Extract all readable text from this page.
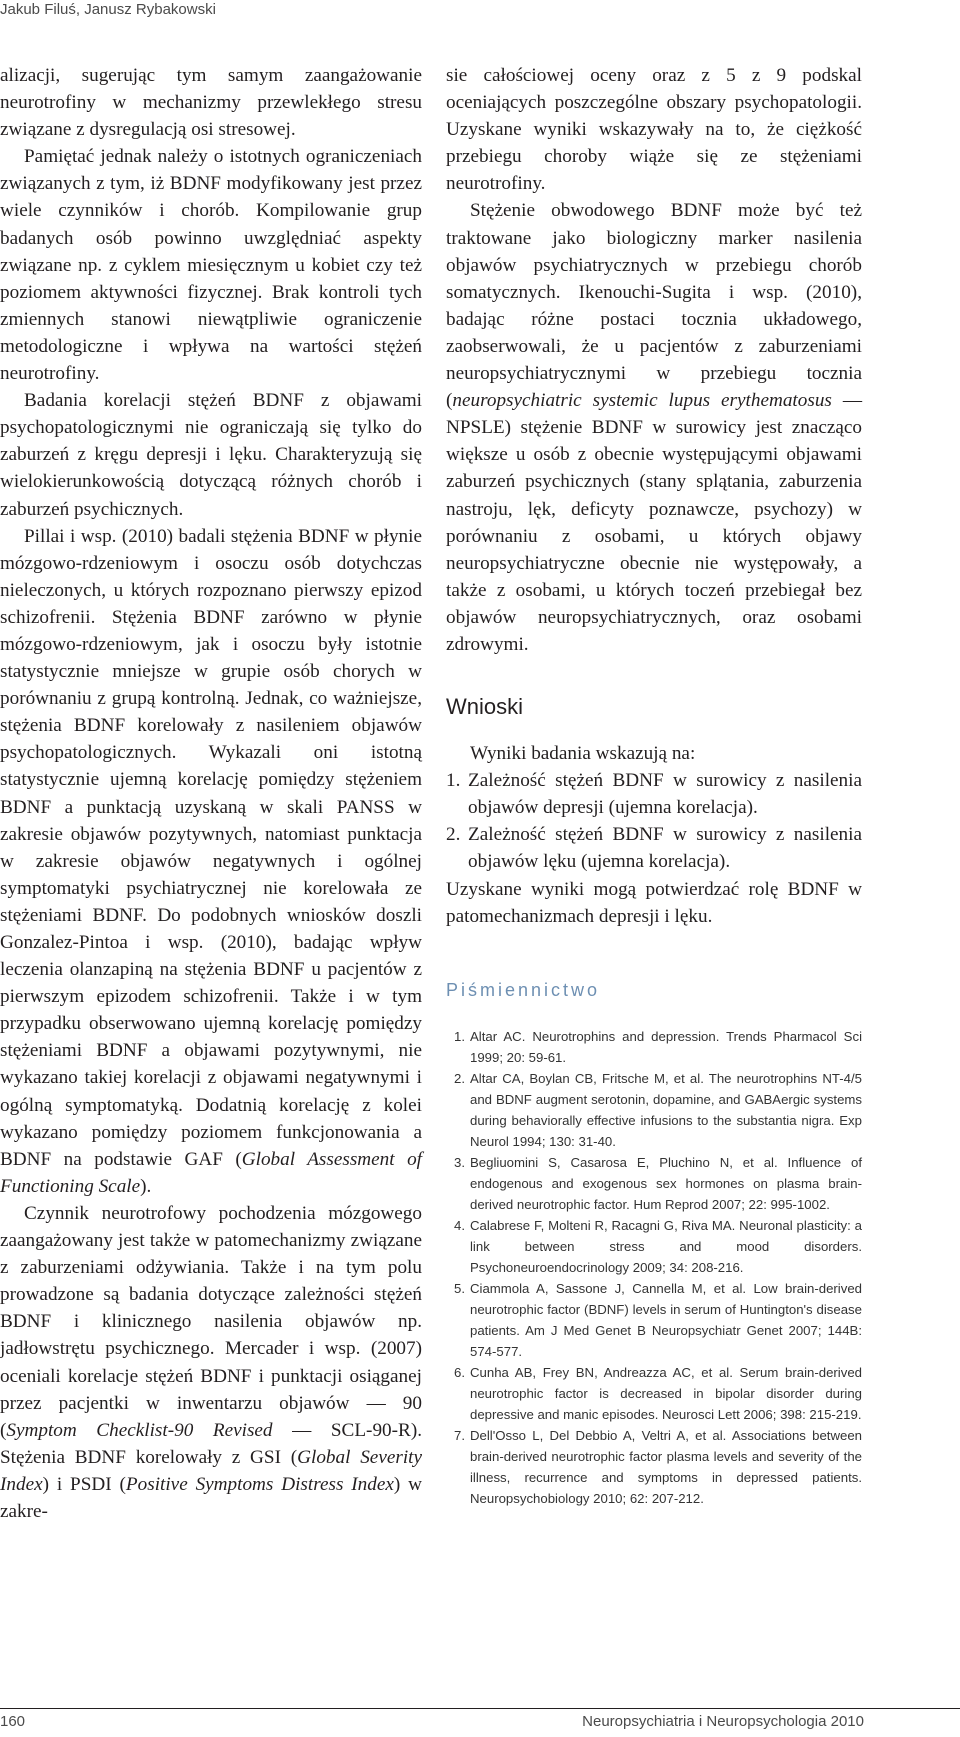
Jakub Filuś, Janusz Rybakowski

alizacji, sugerując tym samym zaangażowanie neurotrofiny w mechanizmy przewlekłego stresu związane z dysregulacją osi stresowej.

Pamiętać jednak należy o istotnych ograniczeniach związanych z tym, iż BDNF modyfikowany jest przez wiele czynników i chorób. Kompilowanie grup badanych osób powinno uwzględniać aspekty związane np. z cyklem miesięcznym u kobiet czy też poziomem aktywności fizycznej. Brak kontroli tych zmiennych stanowi niewątpliwie ograniczenie metodologiczne i wpływa na wartości stężeń neurotrofiny.

Badania korelacji stężeń BDNF z objawami psychopatologicznymi nie ograniczają się tylko do zaburzeń z kręgu depresji i lęku. Charakteryzują się wielokierunkowością dotyczącą różnych chorób i zaburzeń psychicznych.

Pillai i wsp. (2010) badali stężenia BDNF w płynie mózgowo-rdzeniowym i osoczu osób dotychczas nieleczonych, u których rozpoznano pierwszy epizod schizofrenii. Stężenia BDNF zarówno w płynie mózgowo-rdzeniowym, jak i osoczu były istotnie statystycznie mniejsze w grupie osób chorych w porównaniu z grupą kontrolną. Jednak, co ważniejsze, stężenia BDNF korelowały z nasileniem objawów psychopatologicznych. Wykazali oni istotną statystycznie ujemną korelację pomiędzy stężeniem BDNF a punktacją uzyskaną w skali PANSS w zakresie objawów pozytywnych, natomiast punktacja w zakresie objawów negatywnych i ogólnej symptomatyki psychiatrycznej nie korelowała ze stężeniami BDNF. Do podobnych wniosków doszli Gonzalez-Pintoa i wsp. (2010), badając wpływ leczenia olanzapiną na stężenia BDNF u pacjentów z pierwszym epizodem schizofrenii. Także i w tym przypadku obserwowano ujemną korelację pomiędzy stężeniami BDNF a objawami pozytywnymi, nie wykazano takiej korelacji z objawami negatywnymi i ogólną symptomatyką. Dodatnią korelację z kolei wykazano pomiędzy poziomem funkcjonowania a BDNF na podstawie GAF (Global Assessment of Functioning Scale).

Czynnik neurotrofowy pochodzenia mózgowego zaangażowany jest także w patomechanizmy związane z zaburzeniami odżywiania. Także i na tym polu prowadzone są badania dotyczące zależności stężeń BDNF i klinicznego nasilenia objawów np. jadłowstrętu psychicznego. Mercader i wsp. (2007) oceniali korelacje stężeń BDNF i punktacji osiąganej przez pacjentki w inwentarzu objawów — 90 (Symptom Checklist-90 Revised — SCL-90-R). Stężenia BDNF korelowały z GSI (Global Severity Index) i PSDI (Positive Symptoms Distress Index) w zakre-

sie całościowej oceny oraz z 5 z 9 podskal oceniających poszczególne obszary psychopatologii. Uzyskane wyniki wskazywały na to, że ciężkość przebiegu choroby wiąże się ze stężeniami neurotrofiny.

Stężenie obwodowego BDNF może być też traktowane jako biologiczny marker nasilenia objawów psychiatrycznych w przebiegu chorób somatycznych. Ikenouchi-Sugita i wsp. (2010), badając różne postaci tocznia układowego, zaobserwowali, że u pacjentów z zaburzeniami neuropsychiatrycznymi w przebiegu tocznia (neuropsychiatric systemic lupus erythematosus — NPSLE) stężenie BDNF w surowicy jest znacząco większe u osób z obecnie występującymi objawami zaburzeń psychicznych (stany splątania, zaburzenia nastroju, lęk, deficyty poznawcze, psychozy) w porównaniu z osobami, u których objawy neuropsychiatryczne obecnie nie występowały, a także z osobami, u których toczeń przebiegał bez objawów neuropsychiatrycznych, oraz osobami zdrowymi.

Wnioski

Wyniki badania wskazują na:

1. Zależność stężeń BDNF w surowicy z nasileniа objawów depresji (ujemna korelacja).
2. Zależność stężeń BDNF w surowicy z nasileniа objawów lęku (ujemna korelacja).

Uzyskane wyniki mogą potwierdzać rolę BDNF w patomechanizmach depresji i lęku.

Piśmiennictwo
1. Altar AC. Neurotrophins and depression. Trends Pharmacol Sci 1999; 20: 59-61.
2. Altar CA, Boylan CB, Fritsche M, et al. The neurotrophins NT-4/5 and BDNF augment serotonin, dopamine, and GABAergic systems during behaviorally effective infusions to the substantia nigra. Exp Neurol 1994; 130: 31-40.
3. Begliuomini S, Casarosa E, Pluchino N, et al. Influence of endogenous and exogenous sex hormones on plasma brain-derived neurotrophic factor. Hum Reprod 2007; 22: 995-1002.
4. Calabrese F, Molteni R, Racagni G, Riva MA. Neuronal plasticity: a link between stress and mood disorders. Psychoneuroendocrinology 2009; 34: 208-216.
5. Ciammola A, Sassone J, Cannella M, et al. Low brain-derived neurotrophic factor (BDNF) levels in serum of Huntington's disease patients. Am J Med Genet B Neuropsychiatr Genet 2007; 144B: 574-577.
6. Cunha AB, Frey BN, Andreazza AC, et al. Serum brain-derived neurotrophic factor is decreased in bipolar disorder during depressive and manic episodes. Neurosci Lett 2006; 398: 215-219.
7. Dell'Osso L, Del Debbio A, Veltri A, et al. Associations between brain-derived neurotrophic factor plasma levels and severity of the illness, recurrence and symptoms in depressed patients. Neuropsychobiology 2010; 62: 207-212.
160	Neuropsychiatria i Neuropsychologia 2010
